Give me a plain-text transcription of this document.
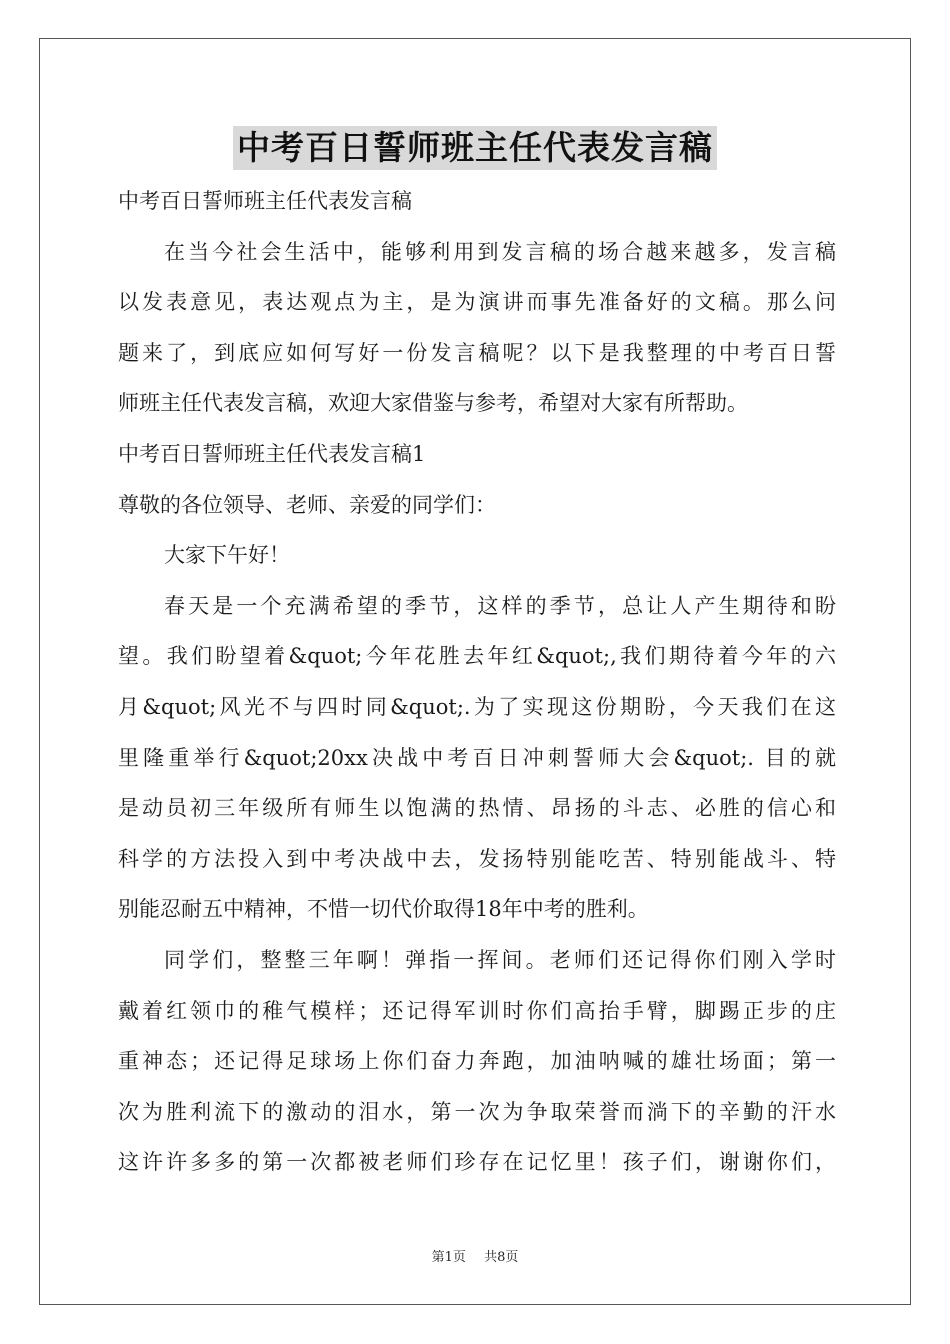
中考百日誓师班主任代表发言稿
中考百日誓师班主任代表发言稿
在当今社会生活中，能够利用到发言稿的场合越来越多，发言稿
以发表意见，表达观点为主，是为演讲而事先准备好的文稿。那么问
题来了，到底应如何写好一份发言稿呢？以下是我整理的中考百日誓
师班主任代表发言稿，欢迎大家借鉴与参考，希望对大家有所帮助。
中考百日誓师班主任代表发言稿1
尊敬的各位领导、老师、亲爱的同学们：
大家下午好！
春天是一个充满希望的季节，这样的季节，总让人产生期待和盼
望。我们盼望着&quot;今年花胜去年红&quot;,我们期待着今年的六
月&quot;风光不与四时同&quot;.为了实现这份期盼，今天我们在这
里隆重举行&quot;20xx决战中考百日冲刺誓师大会&quot;. 目的就
是动员初三年级所有师生以饱满的热情、昂扬的斗志、必胜的信心和
科学的方法投入到中考决战中去，发扬特别能吃苦、特别能战斗、特
别能忍耐五中精神，不惜一切代价取得18年中考的胜利。
同学们，整整三年啊！弹指一挥间。老师们还记得你们刚入学时
戴着红领巾的稚气模样；还记得军训时你们高抬手臂，脚踢正步的庄
重神态；还记得足球场上你们奋力奔跑，加油呐喊的雄壮场面；第一
次为胜利流下的激动的泪水，第一次为争取荣誉而淌下的辛勤的汗水
这许许多多的第一次都被老师们珍存在记忆里！孩子们，谢谢你们，
第1页 共8页
